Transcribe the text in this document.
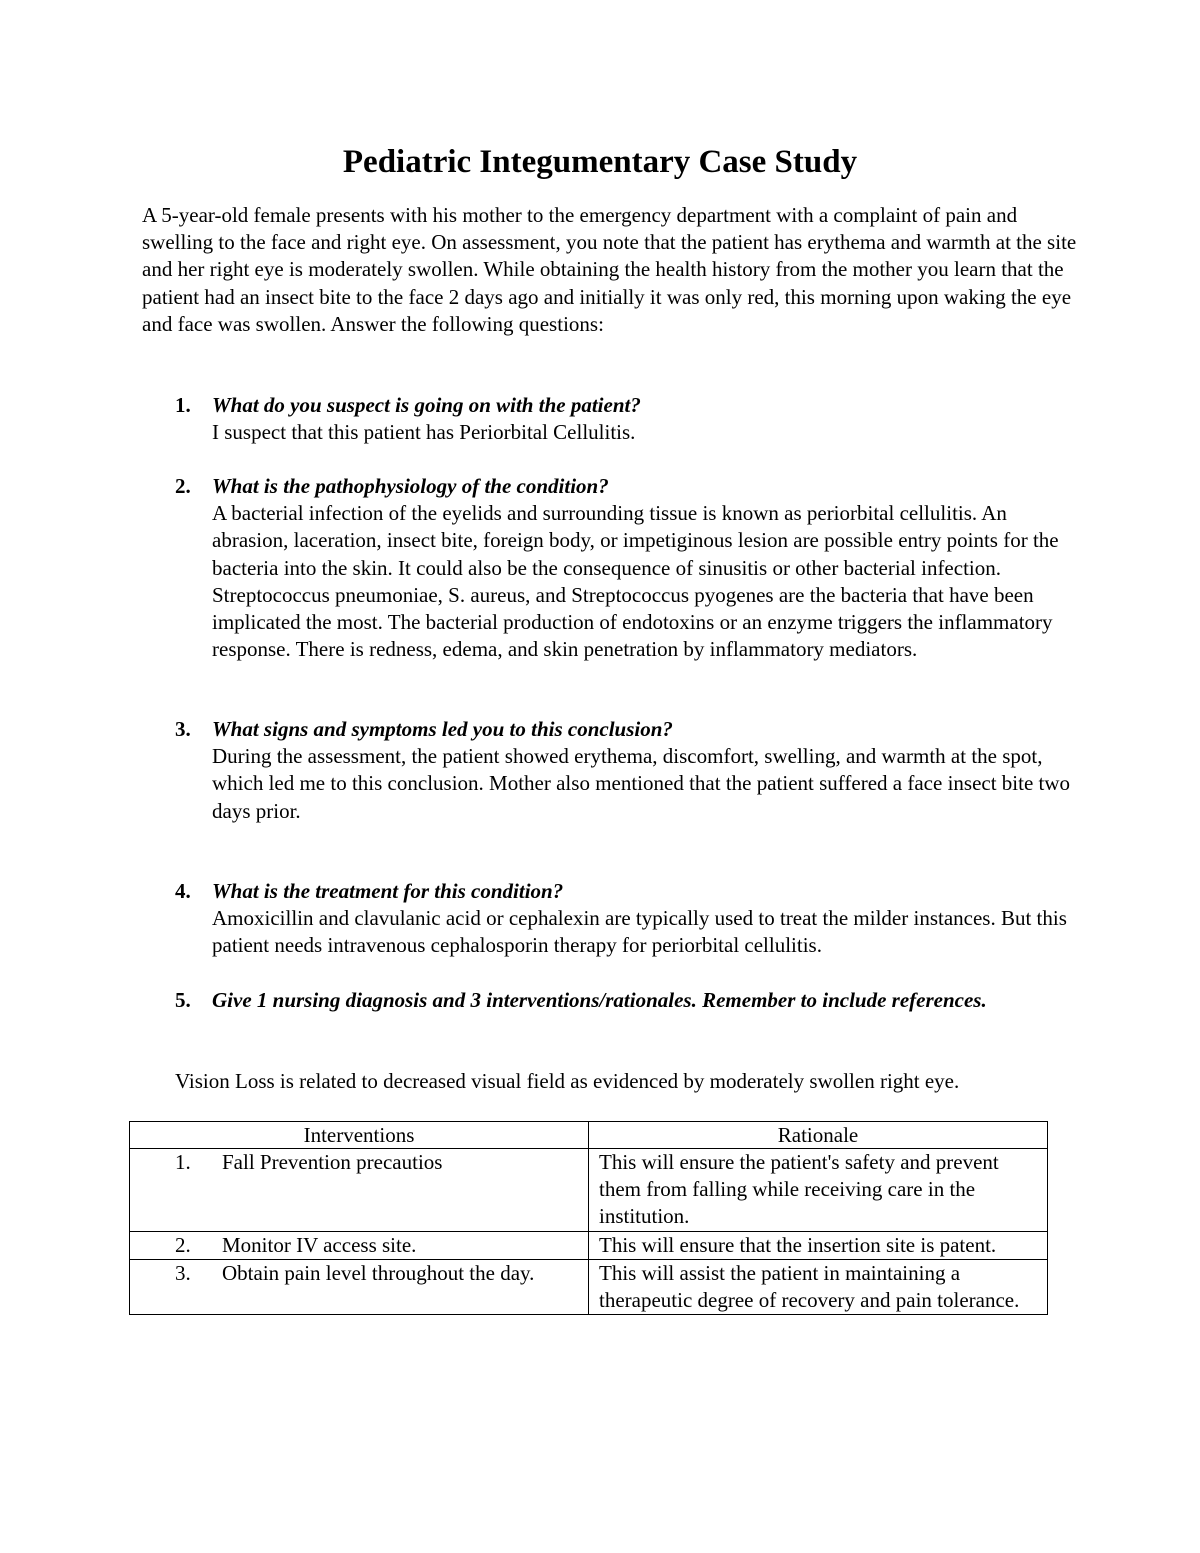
Pediatric Integumentary Case Study

A 5-year-old female presents with his mother to the emergency department with a complaint of pain and swelling to the face and right eye. On assessment, you note that the patient has erythema and warmth at the site and her right eye is moderately swollen. While obtaining the health history from the mother you learn that the patient had an insect bite to the face 2 days ago and initially it was only red, this morning upon waking the eye and face was swollen. Answer the following questions:

1.	What do you suspect is going on with the patient?
I suspect that this patient has Periorbital Cellulitis.
2.	What is the pathophysiology of the condition?
A bacterial infection of the eyelids and surrounding tissue is known as periorbital cellulitis. An abrasion, laceration, insect bite, foreign body, or impetiginous lesion are possible entry points for the bacteria into the skin. It could also be the consequence of sinusitis or other bacterial infection. Streptococcus pneumoniae, S. aureus, and Streptococcus pyogenes are the bacteria that have been implicated the most. The bacterial production of endotoxins or an enzyme triggers the inflammatory response. There is redness, edema, and skin penetration by inflammatory mediators.
3.	What signs and symptoms led you to this conclusion?
During the assessment, the patient showed erythema, discomfort, swelling, and warmth at the spot, which led me to this conclusion. Mother also mentioned that the patient suffered a face insect bite two days prior.
4.	What is the treatment for this condition?
Amoxicillin and clavulanic acid or cephalexin are typically used to treat the milder instances. But this patient needs intravenous cephalosporin therapy for periorbital cellulitis.
5.	Give 1 nursing diagnosis and 3 interventions/rationales. Remember to include references.

Vision Loss is related to decreased visual field as evidenced by moderately swollen right eye.

Interventions	Rationale

1. Fall Prevention precautios	This will ensure the patient's safety and prevent them from falling while receiving care in the institution.

2. Monitor IV access site.	This will ensure that the insertion site is patent.

3. Obtain pain level throughout the day.	This will assist the patient in maintaining a therapeutic degree of recovery and pain tolerance.
